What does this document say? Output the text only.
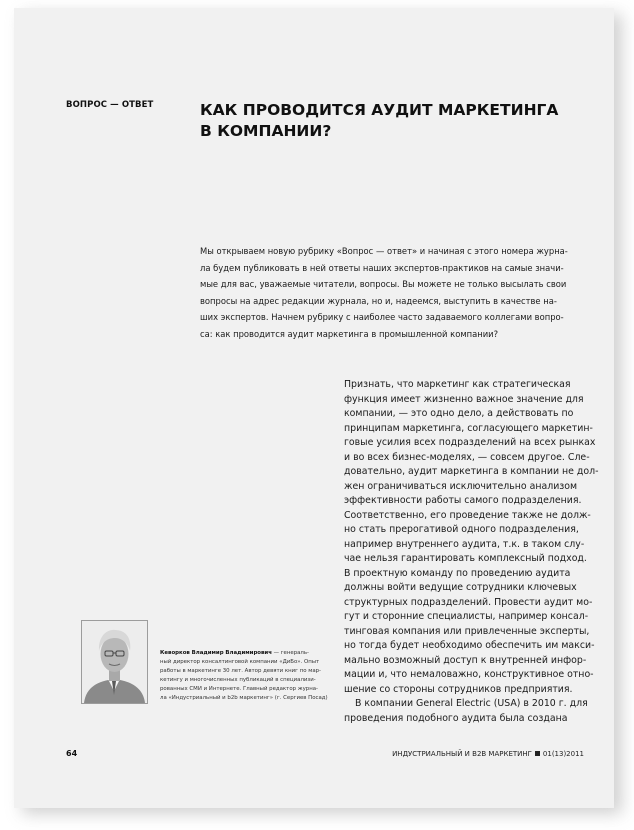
ВОПРОС — ОТВЕТ	КАК ПРОВОДИТСЯ АУДИТ МАРКЕТИНГА
В КОМПАНИИ?
Мы открываем новую рубрику «Вопрос — ответ» и начиная с этого номера журна-
ла будем публиковать в ней ответы наших экспертов-практиков на самые значи-
мые для вас, уважаемые читатели, вопросы. Вы можете не только высылать свои
вопросы на адрес редакции журнала, но и, надеемся, выступить в качестве на-
ших экспертов. Начнем рубрику с наиболее часто задаваемого коллегами вопро-
са: как проводится аудит маркетинга в промышленной компании?
Признать, что маркетинг как стратегическая
функция имеет жизненно важное значение для
компании, — это одно дело, а действовать по
принципам маркетинга, согласующего маркетин-
говые усилия всех подразделений на всех рынках
и во всех бизнес-моделях, — совсем другое. Сле-
довательно, аудит маркетинга в компании не дол-
жен ограничиваться исключительно анализом
эффективности работы самого подразделения.
Соответственно, его проведение также не долж-
но стать прерогативой одного подразделения,
например внутреннего аудита, т.к. в таком слу-
чае нельзя гарантировать комплексный подход.
В проектную команду по проведению аудита
должны войти ведущие сотрудники ключевых
структурных подразделений. Провести аудит мо-
гут и сторонние специалисты, например консал-
тинговая компания или привлеченные эксперты,
но тогда будет необходимо обеспечить им макси-
мально возможный доступ к внутренней инфор-
мации и, что немаловажно, конструктивное отно-
шение со стороны сотрудников предприятия.
В компании General Electric (USA) в 2010 г. для
проведения подобного аудита была создана
Кеворков Владимир Владимирович — генераль-
ный директор консалтинговой компании «ДиБо». Опыт
работы в маркетинге 30 лет. Автор девяти книг по мар-
кетингу и многочисленных публикаций в специализи-
рованных СМИ и Интернете. Главный редактор журна-
ла «Индустриальный и b2b маркетинг» (г. Сергиев Посад)
64	ИНДУСТРИАЛЬНЫЙ И B2B МАРКЕТИНГ 01(13)2011
